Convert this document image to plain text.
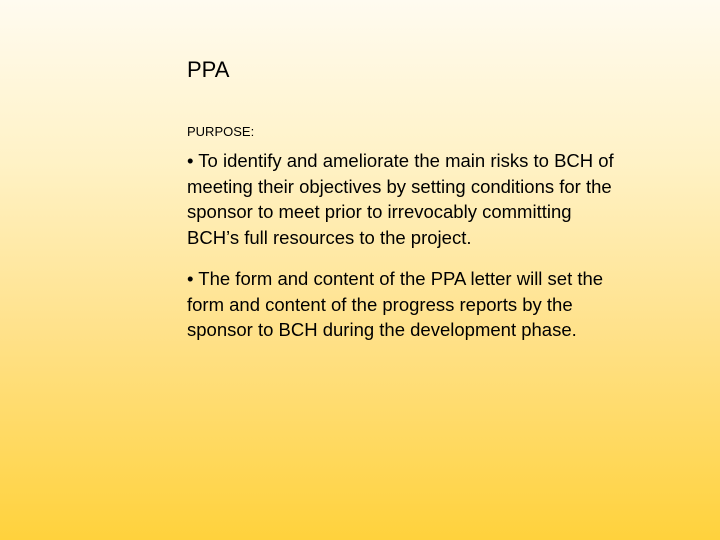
PPA
PURPOSE:

• To identify and ameliorate the main risks to BCH of meeting their objectives by setting conditions for the sponsor to meet prior to irrevocably committing BCH’s full resources to the project.

• The form and content of the PPA letter will set the form and content of the progress reports by the sponsor to BCH during the development phase.
